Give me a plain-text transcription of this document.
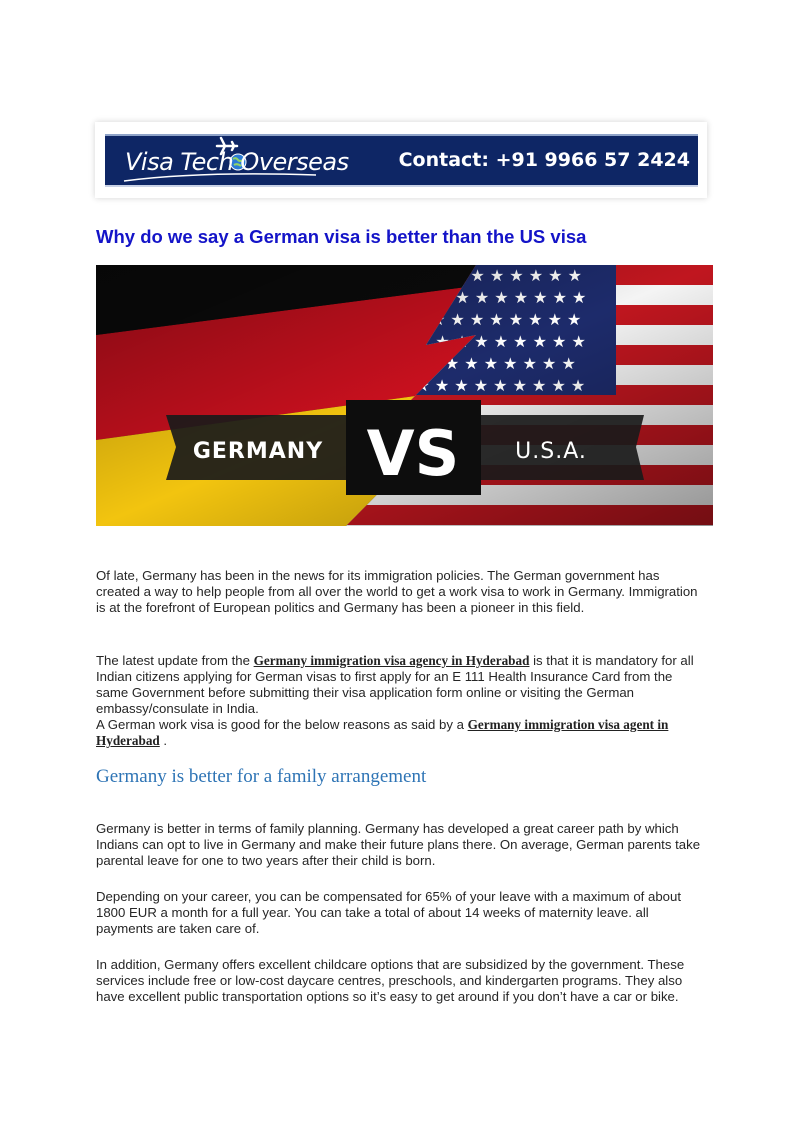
Visa Tech Overseas	Contact: +91 9966 57 2424
Why do we say a German visa is better than the US visa
GERMANY VS	U.S.A.

Of late, Germany has been in the news for its immigration policies. The German government has created a way to help people from all over the world to get a work visa to work in Germany. Immigration is at the forefront of European politics and Germany has been a pioneer in this field.

The latest update from the Germany immigration visa agency in Hyderabad is that it is mandatory for all Indian citizens applying for German visas to first apply for an E 111 Health Insurance Card from the same Government before submitting their visa application form online or visiting the German embassy/consulate in India.
A German work visa is good for the below reasons as said by a Germany immigration visa agent in Hyderabad .

Germany is better for a family arrangement

Germany is better in terms of family planning. Germany has developed a great career path by which Indians can opt to live in Germany and make their future plans there. On average, German parents take parental leave for one to two years after their child is born.

Depending on your career, you can be compensated for 65% of your leave with a maximum of about 1800 EUR a month for a full year. You can take a total of about 14 weeks of maternity leave. all payments are taken care of.

In addition, Germany offers excellent childcare options that are subsidized by the government. These services include free or low-cost daycare centres, preschools, and kindergarten programs. They also have excellent public transportation options so it’s easy to get around if you don’t have a car or bike.
